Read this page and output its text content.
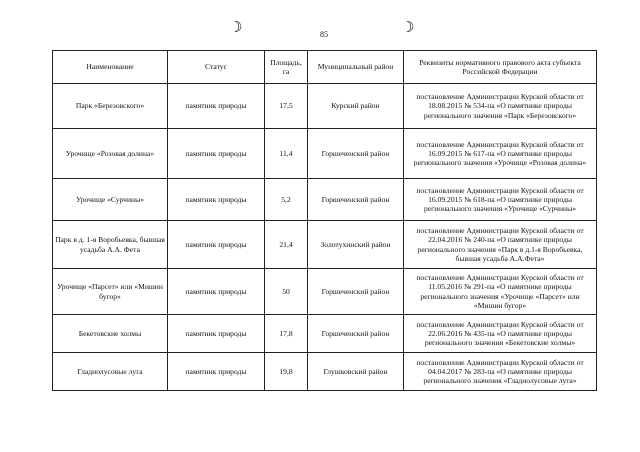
☽	☽
85
Наименование	Статус	Площадь, га	Муниципальный район	Реквизиты нормативного правового акта субъекта Российской Федерации
Парк «Березовского»	памятник природы	17,5	Курский район	постановление Администрации Курской области от 18.08.2015 № 534-па «О памятнике природы регионального значения «Парк «Березовского»
Урочище «Розовая долина»	памятник природы	11,4	Горшеченский район	постановление Администрации Курской области от 16.09.2015 № 617-па «О памятнике природы регионального значения «Урочище «Розовая долина»
Урочище «Сурчины»	памятник природы	5,2	Горшеченский район	постановление Администрации Курской области от 16.09.2015 № 618-па «О памятнике природы регионального значения «Урочище «Сурчины»
Парк в д. 1-я Воробьевка, бывшая усадьба А.А. Фета	памятник природы	21,4	Золотухинский район	постановление Администрации Курской области от 22.04.2016 № 240-па «О памятнике природы регионального значения «Парк в д.1-я Воробьевка, бывшая усадьба А.А.Фета»
Урочище «Парсет» или «Мишин бугор»	памятник природы	50	Горшеченский район	постановление Администрации Курской области от 11.05.2016 № 291-па «О памятнике природы регионального значения «Урочище «Парсет» или «Мишин бугор»
Бекетовские холмы	памятник природы	17,8	Горшеченский район	постановление Администрации Курской области от 22.06.2016 № 435-па «О памятнике природы регионального значения «Бекетовские холмы»
Гладиолусовые луга	памятник природы	19,8	Глушковский район	постановление Администрации Курской области от 04.04.2017 № 283-па «О памятнике природы регионального значения «Гладиолусовые луга»
